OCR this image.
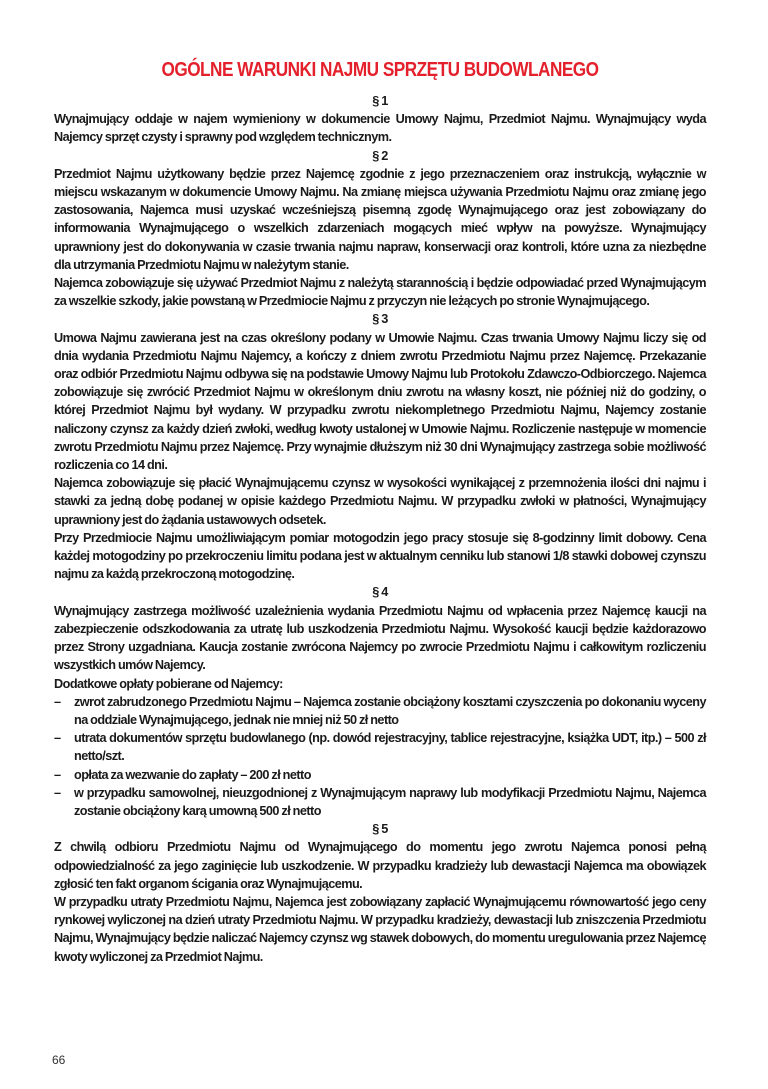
OGÓLNE WARUNKI NAJMU SPRZĘTU BUDOWLANEGO

§ 1

Wynajmujący oddaje w najem wymieniony w dokumencie Umowy Najmu, Przedmiot Najmu. Wynajmujący wyda Najemcy sprzęt czysty i sprawny pod względem technicznym.

§ 2

Przedmiot Najmu użytkowany będzie przez Najemcę zgodnie z jego przeznaczeniem oraz instrukcją, wyłącznie w miejscu wskazanym w dokumencie Umowy Najmu. Na zmianę miejsca używania Przedmiotu Najmu oraz zmianę jego zastosowania, Najemca musi uzyskać wcześniejszą pisemną zgodę Wynajmującego oraz jest zobowiązany do informowania Wynajmującego o wszelkich zdarzeniach mogących mieć wpływ na powyższe. Wynajmujący uprawniony jest do dokonywania w czasie trwania najmu napraw, konserwacji oraz kontroli, które uzna za niezbędne dla utrzymania Przedmiotu Najmu w należytym stanie.

Najemca zobowiązuje się używać Przedmiot Najmu z należytą starannością i będzie odpowiadać przed Wynajmującym za wszelkie szkody, jakie powstaną w Przedmiocie Najmu z przyczyn nie leżących po stronie Wynajmującego.

§ 3

Umowa Najmu zawierana jest na czas określony podany w Umowie Najmu. Czas trwania Umowy Najmu liczy się od dnia wydania Przedmiotu Najmu Najemcy, a kończy z dniem zwrotu Przedmiotu Najmu przez Najemcę. Przekazanie oraz odbiór Przedmiotu Najmu odbywa się na podstawie Umowy Najmu lub Protokołu Zdawczo-Odbiorczego. Najemca zobowiązuje się zwrócić Przedmiot Najmu w określonym dniu zwrotu na własny koszt, nie później niż do godziny, o której Przedmiot Najmu był wydany. W przypadku zwrotu niekompletnego Przedmiotu Najmu, Najemcy zostanie naliczony czynsz za każdy dzień zwłoki, według kwoty ustalonej w Umowie Najmu. Rozliczenie następuje w momencie zwrotu Przedmiotu Najmu przez Najemcę. Przy wynajmie dłuższym niż 30 dni Wynajmujący zastrzega sobie możliwość rozliczenia co 14 dni.

Najemca zobowiązuje się płacić Wynajmującemu czynsz w wysokości wynikającej z przemnożenia ilości dni najmu i stawki za jedną dobę podanej w opisie każdego Przedmiotu Najmu. W przypadku zwłoki w płatności, Wynajmujący uprawniony jest do żądania ustawowych odsetek.

Przy Przedmiocie Najmu umożliwiającym pomiar motogodzin jego pracy stosuje się 8-godzinny limit dobowy. Cena każdej motogodziny po przekroczeniu limitu podana jest w aktualnym cenniku lub stanowi 1/8 stawki dobowej czynszu najmu za każdą przekroczoną motogodzinę.

§ 4

Wynajmujący zastrzega możliwość uzależnienia wydania Przedmiotu Najmu od wpłacenia przez Najemcę kaucji na zabezpieczenie odszkodowania za utratę lub uszkodzenia Przedmiotu Najmu. Wysokość kaucji będzie każdorazowo przez Strony uzgadniana. Kaucja zostanie zwrócona Najemcy po zwrocie Przedmiotu Najmu i całkowitym rozliczeniu wszystkich umów Najemcy.

Dodatkowe opłaty pobierane od Najemcy:

– zwrot zabrudzonego Przedmiotu Najmu – Najemca zostanie obciążony kosztami czyszczenia po dokonaniu wyceny na oddziale Wynajmującego, jednak nie mniej niż 50 zł netto
– utrata dokumentów sprzętu budowlanego (np. dowód rejestracyjny, tablice rejestracyjne, książka UDT, itp.) – 500 zł netto/szt.
– opłata za wezwanie do zapłaty – 200 zł netto
– w przypadku samowolnej, nieuzgodnionej z Wynajmującym naprawy lub modyfikacji Przedmiotu Najmu, Najemca zostanie obciążony karą umowną 500 zł netto

§ 5

Z chwilą odbioru Przedmiotu Najmu od Wynajmującego do momentu jego zwrotu Najemca ponosi pełną odpowiedzialność za jego zaginięcie lub uszkodzenie. W przypadku kradzieży lub dewastacji Najemca ma obowiązek zgłosić ten fakt organom ścigania oraz Wynajmującemu.

W przypadku utraty Przedmiotu Najmu, Najemca jest zobowiązany zapłacić Wynajmującemu równowartość jego ceny rynkowej wyliczonej na dzień utraty Przedmiotu Najmu. W przypadku kradzieży, dewastacji lub zniszczenia Przedmiotu Najmu, Wynajmujący będzie naliczać Najemcy czynsz wg stawek dobowych, do momentu uregulowania przez Najemcę kwoty wyliczonej za Przedmiot Najmu.

66
